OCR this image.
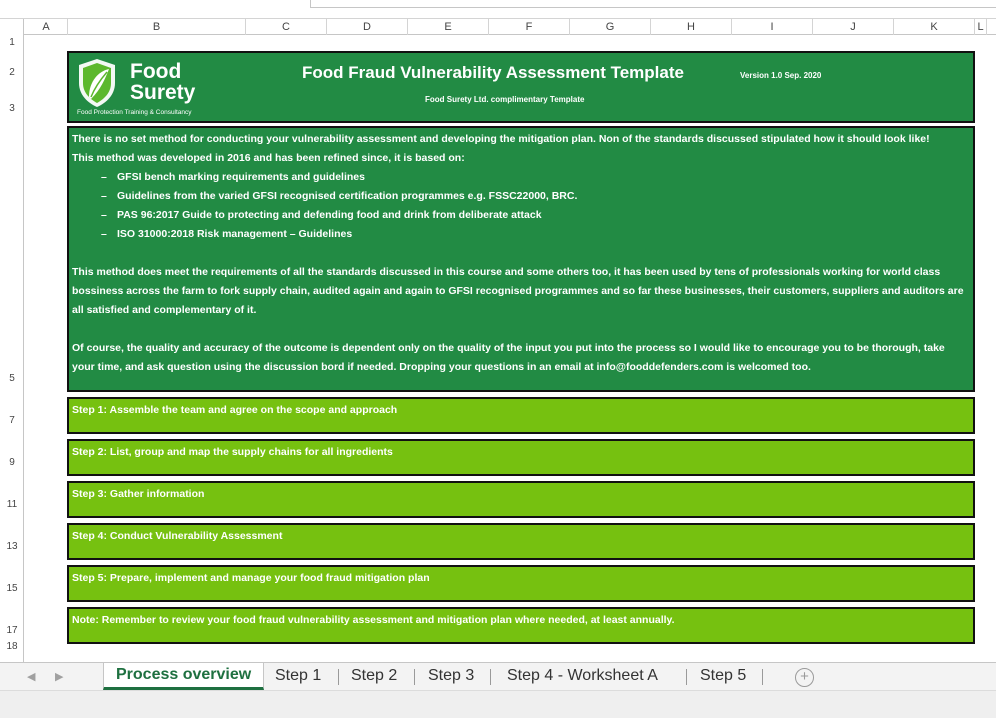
A	B	C	D	E	F	G	H	I	J	K	L
1
2
3
5
7
9
11
13
15
17
18
Food
Surety
Food Protection Training & Consultancy
Food Fraud Vulnerability Assessment Template	Version 1.0 Sep. 2020
Food Surety Ltd. complimentary Template

There is no set method for conducting your vulnerability assessment and developing the mitigation plan. Non of the standards discussed stipulated how it should look like!

This method was developed in 2016 and has been refined since, it is based on:

– GFSI bench marking requirements and guidelines
– Guidelines from the varied GFSI recognised certification programmes e.g. FSSC22000, BRC.
– PAS 96:2017 Guide to protecting and defending food and drink from deliberate attack
– ISO 31000:2018 Risk management – Guidelines

This method does meet the requirements of all the standards discussed in this course and some others too, it has been used by tens of professionals working for world class bossiness across the farm to fork supply chain, audited again and again to GFSI recognised programmes and so far these businesses, their customers, suppliers and auditors are all satisfied and complementary of it.

Of course, the quality and accuracy of the outcome is dependent only on the quality of the input you put into the process so I would like to encourage you to be thorough, take your time, and ask question using the discussion bord if needed. Dropping your questions in an email at info@fooddefenders.com is welcomed too.

Step 1: Assemble the team and agree on the scope and approach
Step 2: List, group and map the supply chains for all ingredients
Step 3: Gather information
Step 4: Conduct Vulnerability Assessment
Step 5: Prepare, implement and manage your food fraud mitigation plan
Note: Remember to review your food fraud vulnerability assessment and mitigation plan where needed, at least annually.
◀ ▶	Process overview	Step 1 Step 2 Step 3 Step 4 - Worksheet A	Step 5	+
